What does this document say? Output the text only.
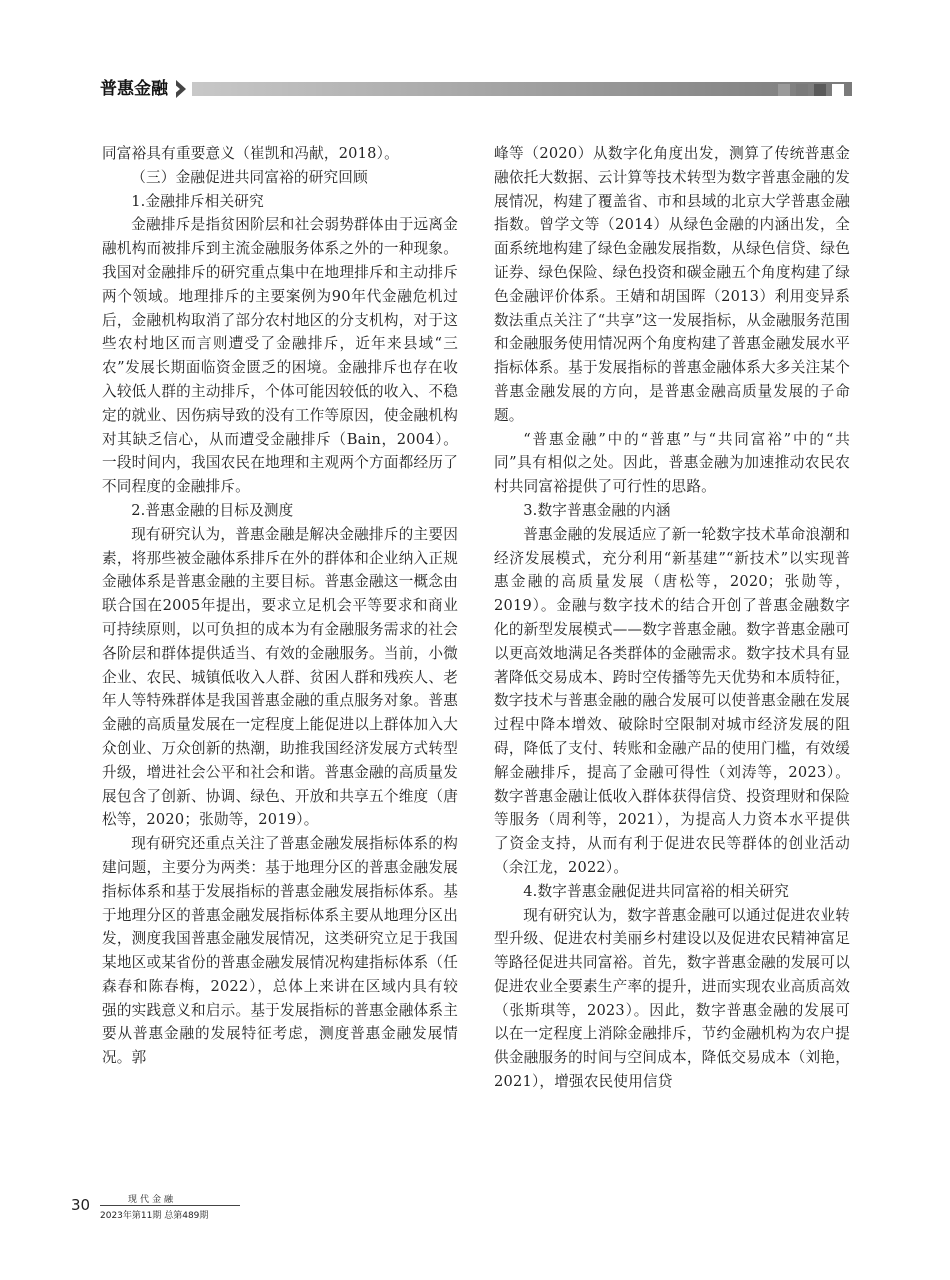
普惠金融

同富裕具有重要意义（崔凯和冯献，2018）。

（三）金融促进共同富裕的研究回顾

1.金融排斥相关研究

金融排斥是指贫困阶层和社会弱势群体由于远离金融机构而被排斥到主流金融服务体系之外的一种现象。我国对金融排斥的研究重点集中在地理排斥和主动排斥两个领域。地理排斥的主要案例为90年代金融危机过后，金融机构取消了部分农村地区的分支机构，对于这些农村地区而言则遭受了金融排斥，近年来县域“三农”发展长期面临资金匮乏的困境。金融排斥也存在收入较低人群的主动排斥，个体可能因较低的收入、不稳定的就业、因伤病导致的没有工作等原因，使金融机构对其缺乏信心，从而遭受金融排斥（Bain，2004）。一段时间内，我国农民在地理和主观两个方面都经历了不同程度的金融排斥。

2.普惠金融的目标及测度

现有研究认为，普惠金融是解决金融排斥的主要因素，将那些被金融体系排斥在外的群体和企业纳入正规金融体系是普惠金融的主要目标。普惠金融这一概念由联合国在2005年提出，要求立足机会平等要求和商业可持续原则，以可负担的成本为有金融服务需求的社会各阶层和群体提供适当、有效的金融服务。当前，小微企业、农民、城镇低收入人群、贫困人群和残疾人、老年人等特殊群体是我国普惠金融的重点服务对象。普惠金融的高质量发展在一定程度上能促进以上群体加入大众创业、万众创新的热潮，助推我国经济发展方式转型升级，增进社会公平和社会和谐。普惠金融的高质量发展包含了创新、协调、绿色、开放和共享五个维度（唐松等，2020；张勋等，2019）。

现有研究还重点关注了普惠金融发展指标体系的构建问题，主要分为两类：基于地理分区的普惠金融发展指标体系和基于发展指标的普惠金融发展指标体系。基于地理分区的普惠金融发展指标体系主要从地理分区出发，测度我国普惠金融发展情况，这类研究立足于我国某地区或某省份的普惠金融发展情况构建指标体系（任森春和陈春梅，2022），总体上来讲在区域内具有较强的实践意义和启示。基于发展指标的普惠金融体系主要从普惠金融的发展特征考虑，测度普惠金融发展情况。郭

峰等（2020）从数字化角度出发，测算了传统普惠金融依托大数据、云计算等技术转型为数字普惠金融的发展情况，构建了覆盖省、市和县域的北京大学普惠金融指数。曾学文等（2014）从绿色金融的内涵出发，全面系统地构建了绿色金融发展指数，从绿色信贷、绿色证券、绿色保险、绿色投资和碳金融五个角度构建了绿色金融评价体系。王婧和胡国晖（2013）利用变异系数法重点关注了“共享”这一发展指标，从金融服务范围和金融服务使用情况两个角度构建了普惠金融发展水平指标体系。基于发展指标的普惠金融体系大多关注某个普惠金融发展的方向，是普惠金融高质量发展的子命题。

“普惠金融”中的“普惠”与“共同富裕”中的“共同”具有相似之处。因此，普惠金融为加速推动农民农村共同富裕提供了可行性的思路。

3.数字普惠金融的内涵

普惠金融的发展适应了新一轮数字技术革命浪潮和经济发展模式，充分利用“新基建”“新技术”以实现普惠金融的高质量发展（唐松等，2020；张勋等，2019）。金融与数字技术的结合开创了普惠金融数字化的新型发展模式——数字普惠金融。数字普惠金融可以更高效地满足各类群体的金融需求。数字技术具有显著降低交易成本、跨时空传播等先天优势和本质特征，数字技术与普惠金融的融合发展可以使普惠金融在发展过程中降本增效、破除时空限制对城市经济发展的阻碍，降低了支付、转账和金融产品的使用门槛，有效缓解金融排斥，提高了金融可得性（刘涛等，2023）。数字普惠金融让低收入群体获得信贷、投资理财和保险等服务（周利等，2021），为提高人力资本水平提供了资金支持，从而有利于促进农民等群体的创业活动（余江龙，2022）。

4.数字普惠金融促进共同富裕的相关研究

现有研究认为，数字普惠金融可以通过促进农业转型升级、促进农村美丽乡村建设以及促进农民精神富足等路径促进共同富裕。首先，数字普惠金融的发展可以促进农业全要素生产率的提升，进而实现农业高质高效（张斯琪等，2023）。因此，数字普惠金融的发展可以在一定程度上消除金融排斥，节约金融机构为农户提供金融服务的时间与空间成本，降低交易成本（刘艳，2021），增强农民使用信贷

30	现代金融
2023年第11期 总第489期
